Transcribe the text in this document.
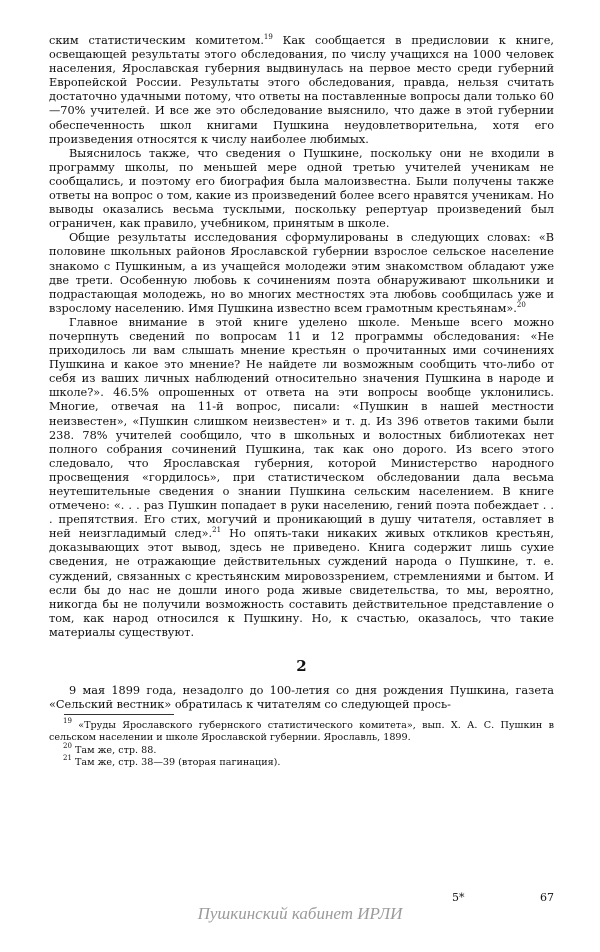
ским статистическим комитетом.$^{19}$ Как сообщается в предисловии к книге, освещающей результаты этого обследования, по числу учащихся на 1000 человек населения, Ярославская губерния выдвинулась на первое место среди губерний Европейской России. Результаты этого обследования, правда, нельзя считать достаточно удачными потому, что ответы на поставленные вопросы дали только 60—70% учителей. И все же это обследование выяснило, что даже в этой губернии обеспеченность школ книгами Пушкина неудовлетворительна, хотя его произведения относятся к числу наиболее любимых.

Выяснилось также, что сведения о Пушкине, поскольку они не входили в программу школы, по меньшей мере одной третью учителей ученикам не сообщались, и поэтому его биография была малоизвестна. Были получены также ответы на вопрос о том, какие из произведений более всего нравятся ученикам. Но выводы оказались весьма тусклыми, поскольку репертуар произведений был ограничен, как правило, учебником, принятым в школе.

Общие результаты исследования сформулированы в следующих словах: «В половине школьных районов Ярославской губернии взрослое сельское население знакомо с Пушкиным, а из учащейся молодежи этим знакомством обладают уже две трети. Особенную любовь к сочинениям поэта обнаруживают школьники и подрастающая молодежь, но во многих местностях эта любовь сообщилась уже и взрослому населению. Имя Пушкина известно всем грамотным крестьянам».$^{20}$

Главное внимание в этой книге уделено школе. Меньше всего можно почерпнуть сведений по вопросам 11 и 12 программы обследования: «Не приходилось ли вам слышать мнение крестьян о прочитанных ими сочинениях Пушкина и какое это мнение? Не найдете ли возможным сообщить что-либо от себя из ваших личных наблюдений относительно значения Пушкина в народе и школе?». 46.5% опрошенных от ответа на эти вопросы вообще уклонились. Многие, отвечая на 11-й вопрос, писали: «Пушкин в нашей местности неизвестен», «Пушкин слишком неизвестен» и т. д. Из 396 ответов такими были 238. 78% учителей сообщило, что в школьных и волостных библиотеках нет полного собрания сочинений Пушкина, так как оно дорого. Из всего этого следовало, что Ярославская губерния, которой Министерство народного просвещения «гордилось», при статистическом обследовании дала весьма неутешительные сведения о знании Пушкина сельским населением. В книге отмечено: «. . . раз Пушкин попадает в руки населению, гений поэта побеждает . . . препятствия. Его стих, могучий и проникающий в душу читателя, оставляет в ней неизгладимый след».$^{21}$ Но опять-таки никаких живых откликов крестьян, доказывающих этот вывод, здесь не приведено. Книга содержит лишь сухие сведения, не отражающие действительных суждений народа о Пушкине, т. е. суждений, связанных с крестьянским мировоззрением, стремлениями и бытом. И если бы до нас не дошли иного рода живые свидетельства, то мы, вероятно, никогда бы не получили возможность составить действительное представление о том, как народ относился к Пушкину. Но, к счастью, оказалось, что такие материалы существуют.

2

9 мая 1899 года, незадолго до 100-летия со дня рождения Пушкина, газета «Сельский вестник» обратилась к читателям со следующей прось-

$^{19}$ «Труды Ярославского губернского статистического комитета», вып. X. А. С. Пушкин в сельском населении и школе Ярославской губернии. Ярославль, 1899.

$^{20}$ Там же, стр. 88.

$^{21}$ Там же, стр. 38—39 (вторая пагинация).

5*	67
Пушкинский кабинет ИРЛИ
